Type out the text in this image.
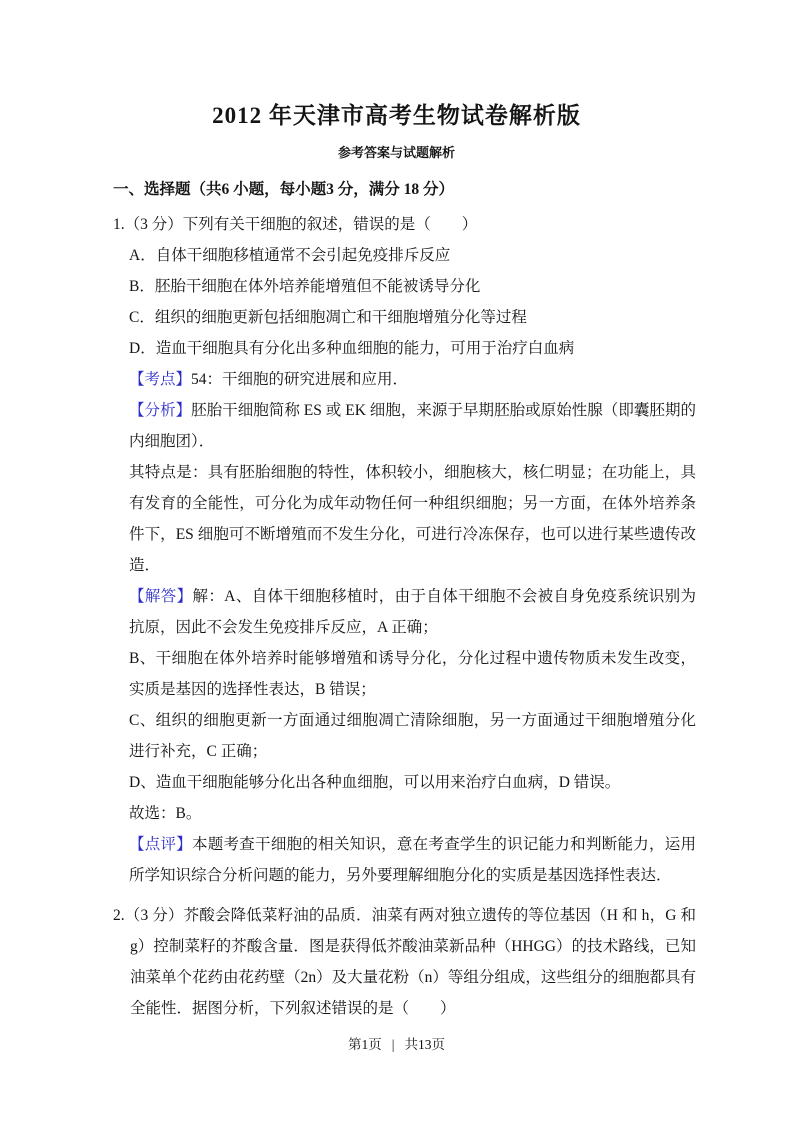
2012 年天津市高考生物试卷解析版
参考答案与试题解析
一、选择题（共6 小题，每小题3 分，满分 18 分）

1.（3 分）下列有关干细胞的叙述，错误的是（　　）

A．自体干细胞移植通常不会引起免疫排斥反应

B．胚胎干细胞在体外培养能增殖但不能被诱导分化

C．组织的细胞更新包括细胞凋亡和干细胞增殖分化等过程

D．造血干细胞具有分化出多种血细胞的能力，可用于治疗白血病

【考点】54：干细胞的研究进展和应用．

【分析】胚胎干细胞简称 ES 或 EK 细胞，来源于早期胚胎或原始性腺（即囊胚期的内细胞团）．

其特点是：具有胚胎细胞的特性，体积较小，细胞核大，核仁明显；在功能上，具有发育的全能性，可分化为成年动物任何一种组织细胞；另一方面，在体外培养条件下，ES 细胞可不断增殖而不发生分化，可进行冷冻保存，也可以进行某些遗传改造．

【解答】解：A、自体干细胞移植时，由于自体干细胞不会被自身免疫系统识别为抗原，因此不会发生免疫排斥反应，A 正确；

B、干细胞在体外培养时能够增殖和诱导分化，分化过程中遗传物质未发生改变，实质是基因的选择性表达，B 错误；

C、组织的细胞更新一方面通过细胞凋亡清除细胞，另一方面通过干细胞增殖分化进行补充，C 正确；

D、造血干细胞能够分化出各种血细胞，可以用来治疗白血病，D 错误。

故选：B。

【点评】本题考查干细胞的相关知识，意在考查学生的识记能力和判断能力，运用所学知识综合分析问题的能力，另外要理解细胞分化的实质是基因选择性表达．

2.（3 分）芥酸会降低菜籽油的品质．油菜有两对独立遗传的等位基因（H 和 h，G 和 g）控制菜籽的芥酸含量．图是获得低芥酸油菜新品种（HHGG）的技术路线，已知油菜单个花药由花药壁（2n）及大量花粉（n）等组分组成，这些组分的细胞都具有全能性．据图分析，下列叙述错误的是（　　）

第1页 | 共13页
